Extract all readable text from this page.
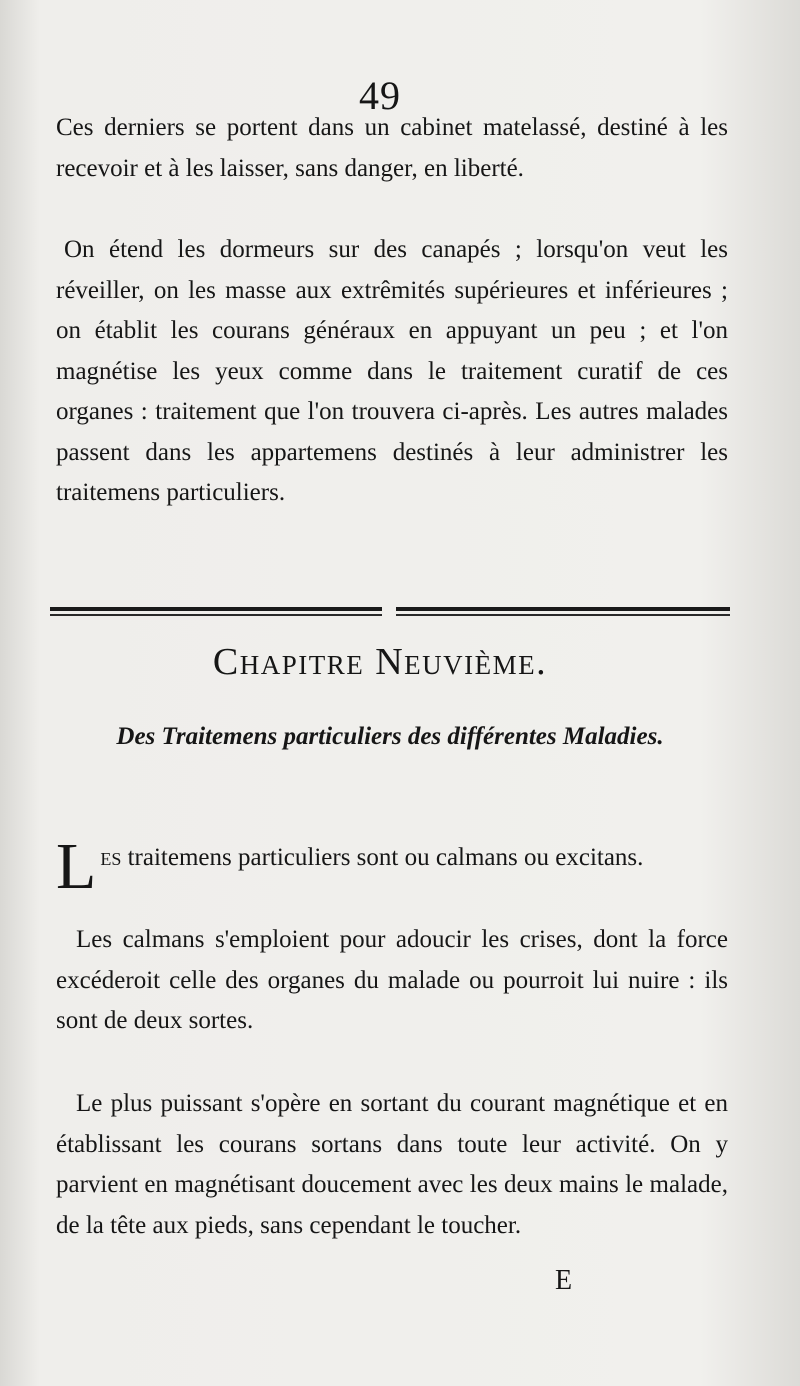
49

Ces derniers se portent dans un cabinet matelassé, destiné à les recevoir et à les laisser, sans danger, en liberté.

On étend les dormeurs sur des canapés ; lorsqu'on veut les réveiller, on les masse aux extrêmités supérieures et inférieures ; on établit les courans généraux en appuyant un peu ; et l'on magnétise les yeux comme dans le traitement curatif de ces organes : traitement que l'on trouvera ci-après. Les autres malades passent dans les appartemens destinés à leur administrer les traitemens particuliers.

Chapitre Neuvième.
Des Traitemens particuliers des différentes Maladies.

Les traitemens particuliers sont ou calmans ou excitans.

Les calmans s'emploient pour adoucir les crises, dont la force excéderoit celle des organes du malade ou pourroit lui nuire : ils sont de deux sortes.

Le plus puissant s'opère en sortant du courant magnétique et en établissant les courans sortans dans toute leur activité. On y parvient en magnétisant doucement avec les deux mains le malade, de la tête aux pieds, sans cependant le toucher.

E
